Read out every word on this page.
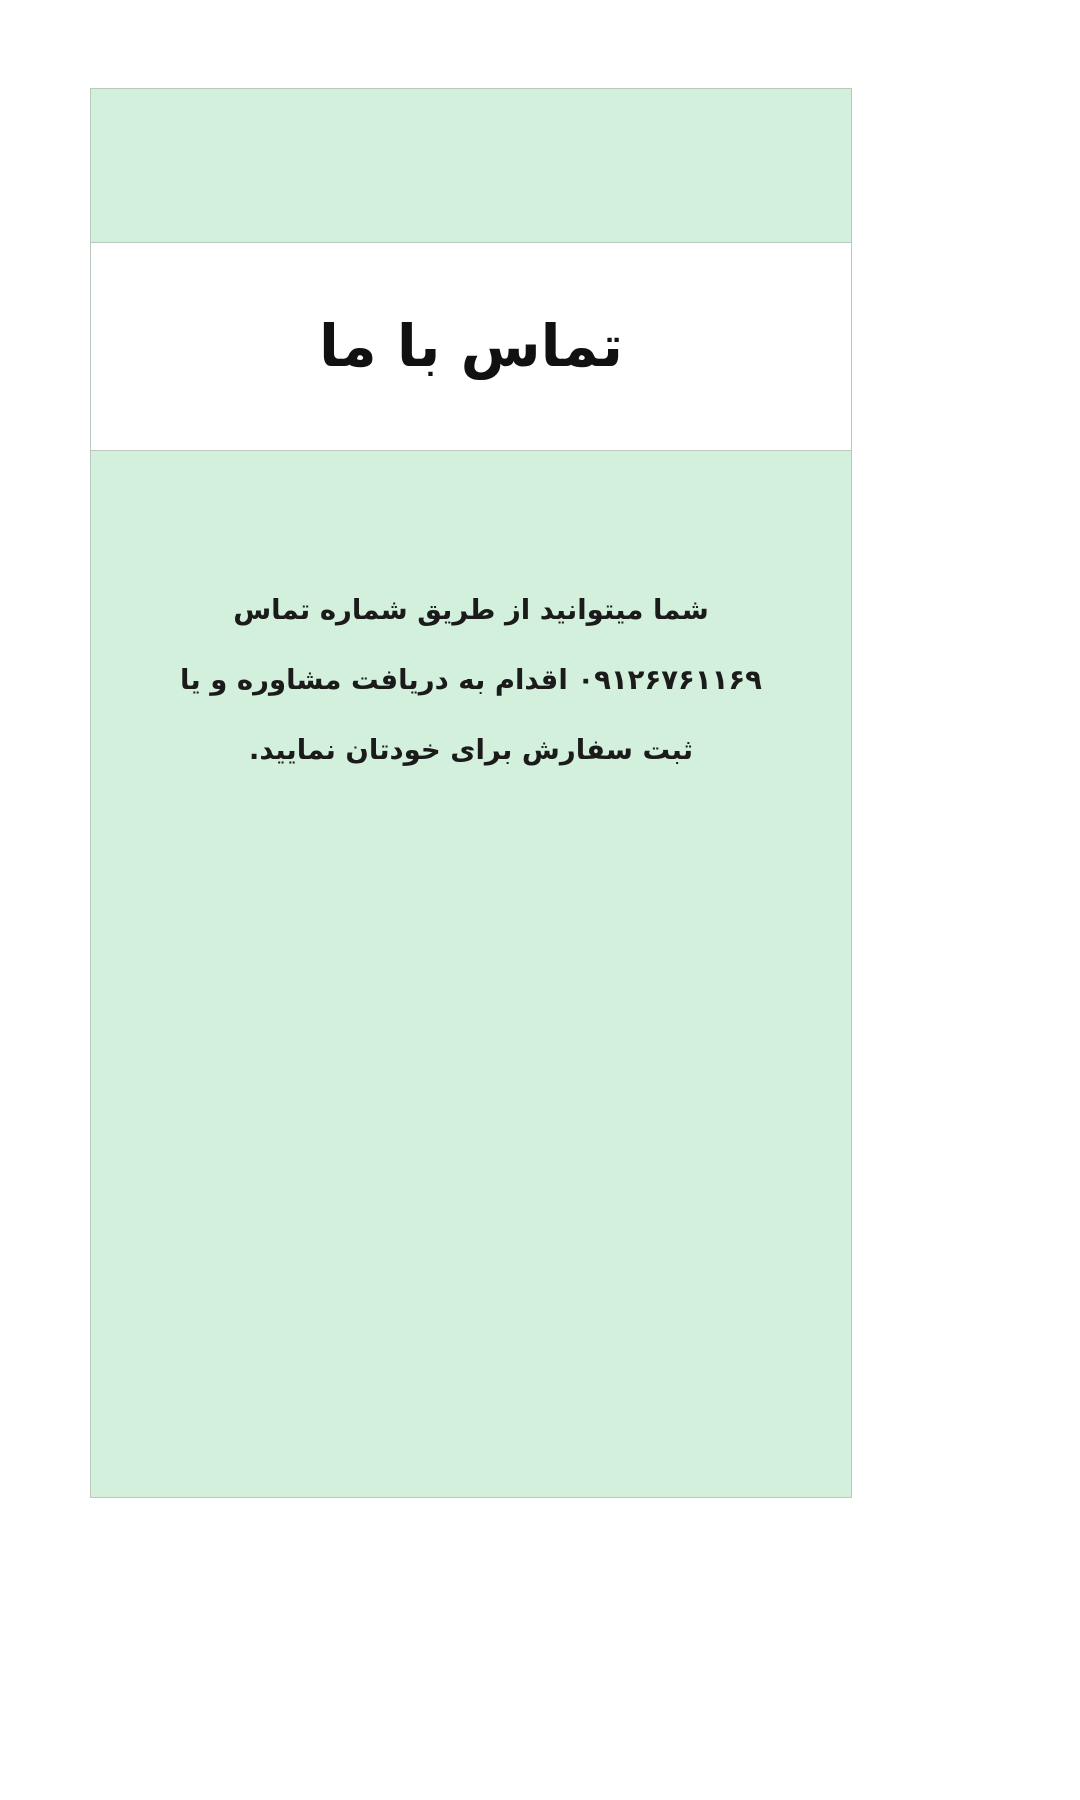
تماس با ما

شما میتوانید از طریق شماره تماس ۰۹۱۲۶۷۶۱۱۶۹ اقدام به دریافت مشاوره و یا ثبت سفارش برای خودتان نمایید.
